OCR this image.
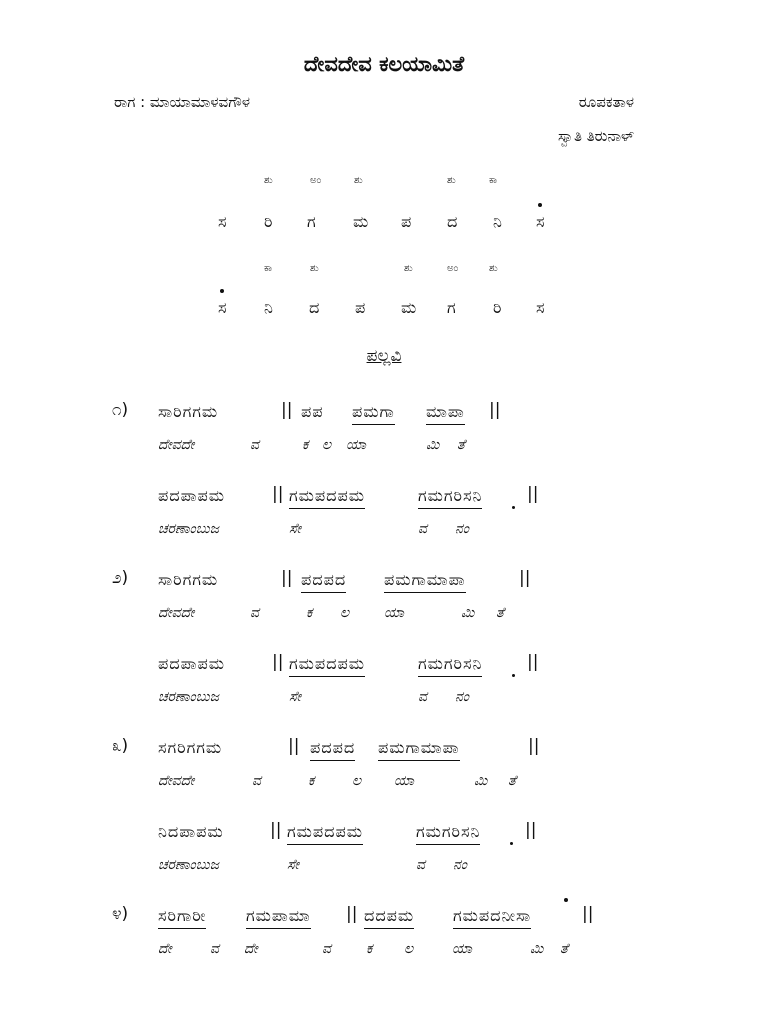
ದೇವದೇವ ಕಲಯಾಮಿತೆ
ರಾಗ : ಮಾಯಾಮಾಳವಗೌಳ	ರೂಪಕತಾಳ
ಸ್ವಾತಿ ತಿರುನಾಳ್
ಶು	ಅಂ	ಶು	ಶು	ಕಾ
ಸ ರಿ ಗ ಮ ಪ ದ ನಿ ಸ
ಕಾ	ಶು	ಶು	ಅಂ	ಶು
ಸ ನಿ ದ ಪ ಮ ಗ ರಿ ಸ
ಪಲ್ಲವಿ
೧) ಸಾರಿಗಗಮ	|| ಪಪ ಪಮಗಾ ಮಾಪಾ ||
ದೇವದೇ	ವ	ಕ ಲ ಯಾ	ಮಿ ತೆ
ಪದಪಾಪಮ	|| ಗಮಪದಪಮ	ಗಮಗರಿಸನಿ	||
ಚರಣಾಂಬುಜ	ಸೇ	ವ ನಂ
೨) ಸಾರಿಗಗಮ	|| ಪದಪದ ಪಮಗಾಮಾಪಾ	||
ದೇವದೇ	ವ	ಕ ಲ ಯಾ	ಮಿ ತೆ
ಪದಪಾಪಮ	|| ಗಮಪದಪಮ	ಗಮಗರಿಸನಿ	||
ಚರಣಾಂಬುಜ	ಸೇ	ವ ನಂ
೩) ಸಗರಿಗಗಮ	|| ಪದಪದ ಪಮಗಾಮಾಪಾ	||
ದೇವದೇ	ವ	ಕ	ಲ ಯಾ	ಮಿ ತೆ
ನಿದಪಾಪಮ	|| ಗಮಪದಪಮ	ಗಮಗರಿಸನಿ	||
ಚರಣಾಂಬುಜ	ಸೇ	ವ ನಂ
೪) ಸರಿಗಾರೀ ಗಮಪಾಮಾ || ದದಪಮ ಗಮಪದನೀಸಾ	||
ದೇ	ವ ದೇ	ವ	ಕ ಲ	ಯಾ	ಮಿ ತೆ
